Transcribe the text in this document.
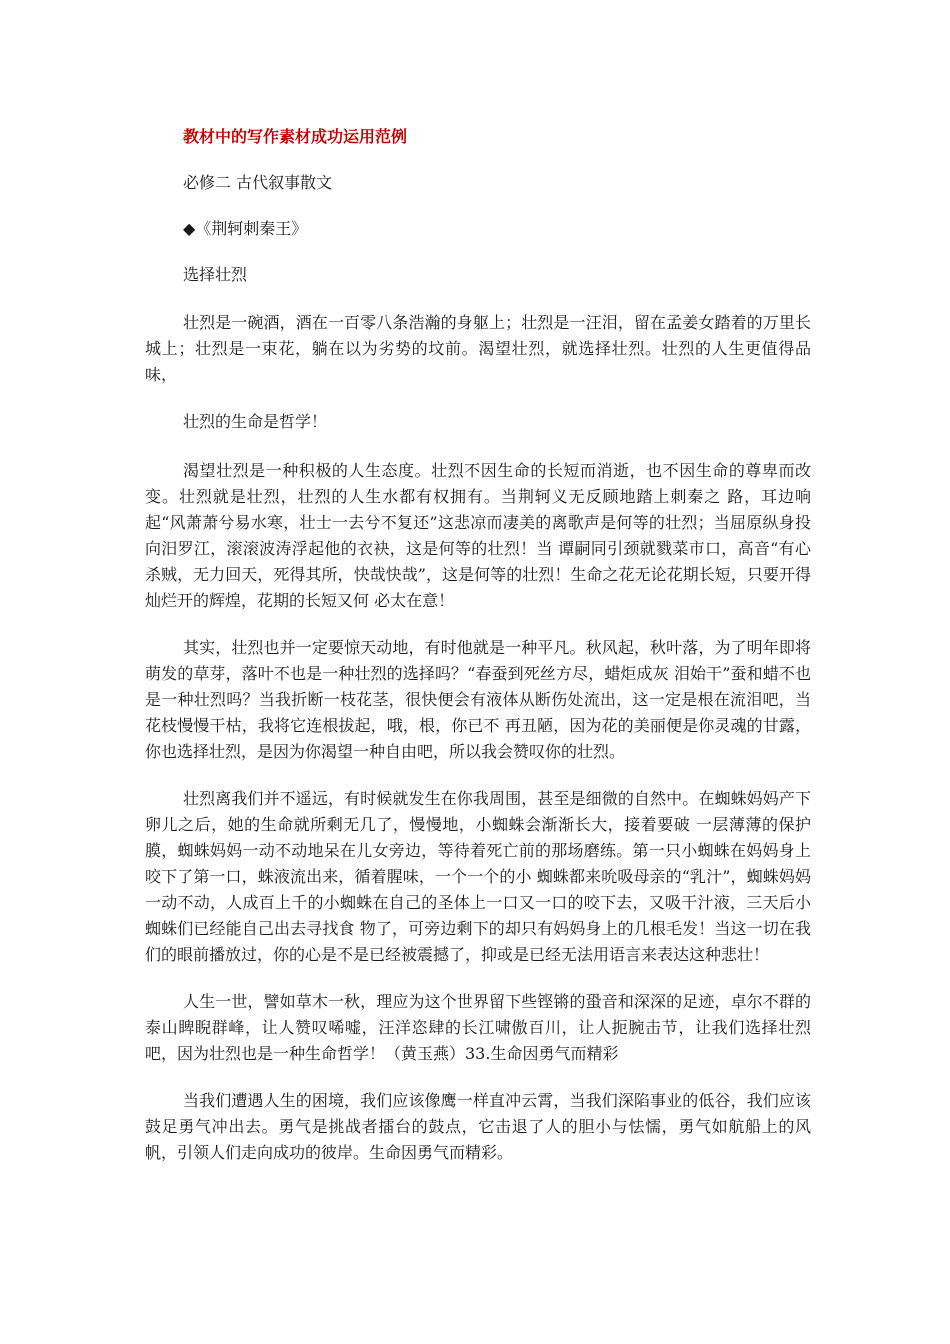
教材中的写作素材成功运用范例
必修二 古代叙事散文
◆《荆轲刺秦王》
选择壮烈
壮烈是一碗酒，酒在一百零八条浩瀚的身躯上；壮烈是一汪泪，留在孟姜女踏着的万里长城上；壮烈是一束花，躺在以为劣势的坟前。渴望壮烈，就选择壮烈。壮烈的人生更值得品味，
壮烈的生命是哲学！
渴望壮烈是一种积极的人生态度。壮烈不因生命的长短而消逝，也不因生命的尊卑而改变。壮烈就是壮烈，壮烈的人生水都有权拥有。当荆轲义无反顾地踏上刺秦之 路，耳边响起“风萧萧兮易水寒，壮士一去兮不复还”这悲凉而凄美的离歌声是何等的壮烈；当屈原纵身投向汨罗江，滚滚波涛浮起他的衣袂，这是何等的壮烈！当 谭嗣同引颈就戮菜市口，高音“有心杀贼，无力回天，死得其所，快哉快哉”，这是何等的壮烈！生命之花无论花期长短，只要开得灿烂开的辉煌，花期的长短又何 必太在意！
其实，壮烈也并一定要惊天动地，有时他就是一种平凡。秋风起，秋叶落，为了明年即将萌发的草芽，落叶不也是一种壮烈的选择吗？“春蚕到死丝方尽，蜡炬成灰 泪始干”蚕和蜡不也是一种壮烈吗？当我折断一枝花茎，很快便会有液体从断伤处流出，这一定是根在流泪吧，当花枝慢慢干枯，我将它连根拔起，哦，根，你已不 再丑陋，因为花的美丽便是你灵魂的甘露，你也选择壮烈，是因为你渴望一种自由吧，所以我会赞叹你的壮烈。
壮烈离我们并不遥远，有时候就发生在你我周围，甚至是细微的自然中。在蜘蛛妈妈产下卵儿之后，她的生命就所剩无几了，慢慢地，小蜘蛛会渐渐长大，接着要破 一层薄薄的保护膜，蜘蛛妈妈一动不动地呆在儿女旁边，等待着死亡前的那场磨练。第一只小蜘蛛在妈妈身上咬下了第一口，蛛液流出来，循着腥味，一个一个的小 蜘蛛都来吮吸母亲的“乳汁”，蜘蛛妈妈一动不动，人成百上千的小蜘蛛在自己的圣体上一口又一口的咬下去，又吸干汁液，三天后小蜘蛛们已经能自己出去寻找食 物了，可旁边剩下的却只有妈妈身上的几根毛发！当这一切在我们的眼前播放过，你的心是不是已经被震撼了，抑或是已经无法用语言来表达这种悲壮！
人生一世，譬如草木一秋，理应为这个世界留下些铿锵的蛩音和深深的足迹，卓尔不群的泰山睥睨群峰，让人赞叹唏嘘，汪洋恣肆的长江啸傲百川，让人扼腕击节，让我们选择壮烈吧，因为壮烈也是一种生命哲学！（黄玉燕）33.生命因勇气而精彩
当我们遭遇人生的困境，我们应该像鹰一样直冲云霄，当我们深陷事业的低谷，我们应该鼓足勇气冲出去。勇气是挑战者擂台的鼓点，它击退了人的胆小与怯懦，勇气如航船上的风帆，引领人们走向成功的彼岸。生命因勇气而精彩。
